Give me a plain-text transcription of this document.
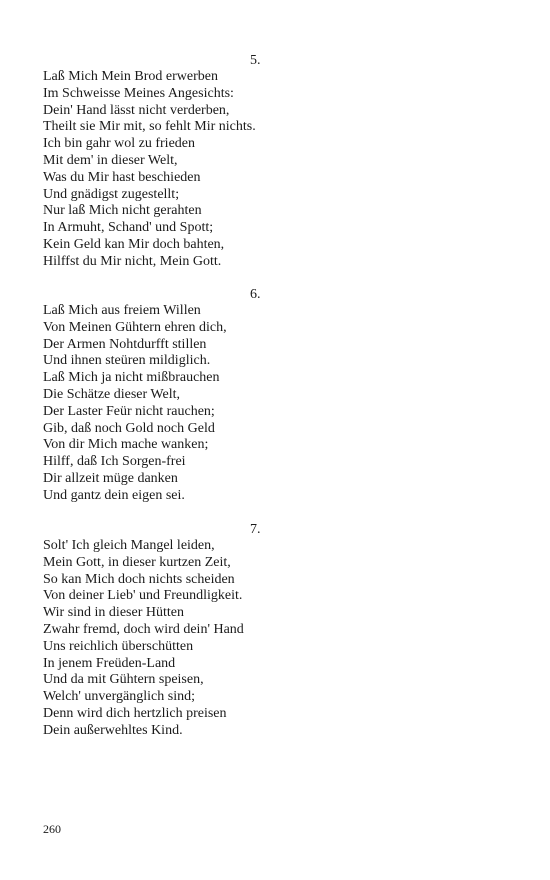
5.
Laß Mich Mein Brod erwerben
Im Schweisse Meines Angesichts:
Dein' Hand lässt nicht verderben,
Theilt sie Mir mit, so fehlt Mir nichts.
Ich bin gahr wol zu frieden
Mit dem' in dieser Welt,
Was du Mir hast beschieden
Und gnädigst zugestellt;
Nur laß Mich nicht gerahten
In Armuht, Schand' und Spott;
Kein Geld kan Mir doch bahten,
Hilffst du Mir nicht, Mein Gott.
6.
Laß Mich aus freiem Willen
Von Meinen Gühtern ehren dich,
Der Armen Nohtdurfft stillen
Und ihnen steüren mildiglich.
Laß Mich ja nicht mißbrauchen
Die Schätze dieser Welt,
Der Laster Feür nicht rauchen;
Gib, daß noch Gold noch Geld
Von dir Mich mache wanken;
Hilff, daß Ich Sorgen-frei
Dir allzeit müge danken
Und gantz dein eigen sei.
7.
Solt' Ich gleich Mangel leiden,
Mein Gott, in dieser kurtzen Zeit,
So kan Mich doch nichts scheiden
Von deiner Lieb' und Freundligkeit.
Wir sind in dieser Hütten
Zwahr fremd, doch wird dein' Hand
Uns reichlich überschütten
In jenem Freüden-Land
Und da mit Gühtern speisen,
Welch' unvergänglich sind;
Denn wird dich hertzlich preisen
Dein außerwehltes Kind.
260
